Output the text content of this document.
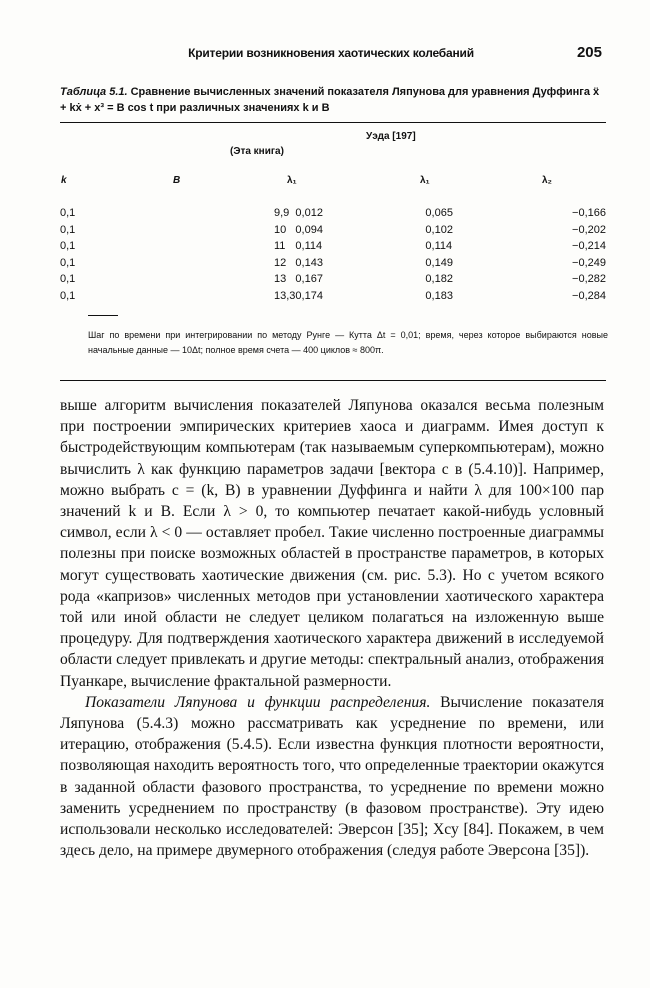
Критерии возникновения хаотических колебаний	205
Таблица 5.1. Сравнение вычисленных значений показателя Ляпунова для уравнения Дуффинга ẍ + kẋ + x³ = B cos t при различных значениях k и B
Уэда [197]
(Эта книга)
k	B	λ₁	λ₁	λ₂
0,1	9,9	0,012	0,065	−0,166
0,1	10	0,094	0,102	−0,202
0,1	11	0,114	0,114	−0,214
0,1	12	0,143	0,149	−0,249
0,1	13	0,167	0,182	−0,282
0,1	13,3	0,174	0,183	−0,284
Шаг по времени при интегрировании по методу Рунге — Кутта Δt = 0,01; время, через которое выбираются новые начальные данные — 10Δt; полное время счета — 400 циклов ≈ 800π.

выше алгоритм вычисления показателей Ляпунова оказался весьма полезным при построении эмпирических критериев хаоса и диаграмм. Имея доступ к быстродействующим компьютерам (так называемым суперкомпьютерам), можно вычислить λ как функцию параметров задачи [вектора c в (5.4.10)]. Например, можно выбрать c = (k, B) в уравнении Дуффинга и найти λ для 100×100 пар значений k и B. Если λ > 0, то компьютер печатает какой-нибудь условный символ, если λ < 0 — оставляет пробел. Такие численно построенные диаграммы полезны при поиске возможных областей в пространстве параметров, в которых могут существовать хаотические движения (см. рис. 5.3). Но с учетом всякого рода «капризов» численных методов при установлении хаотического характера той или иной области не следует целиком полагаться на изложенную выше процедуру. Для подтверждения хаотического характера движений в исследуемой области следует привлекать и другие методы: спектральный анализ, отображения Пуанкаре, вычисление фрактальной размерности.

Показатели Ляпунова и функции распределения. Вычисление показателя Ляпунова (5.4.3) можно рассматривать как усреднение по времени, или итерацию, отображения (5.4.5). Если известна функция плотности вероятности, позволяющая находить вероятность того, что определенные траектории окажутся в заданной области фазового пространства, то усреднение по времени можно заменить усреднением по пространству (в фазовом пространстве). Эту идею использовали несколько исследователей: Эверсон [35]; Хсу [84]. Покажем, в чем здесь дело, на примере двумерного отображения (следуя работе Эверсона [35]).
